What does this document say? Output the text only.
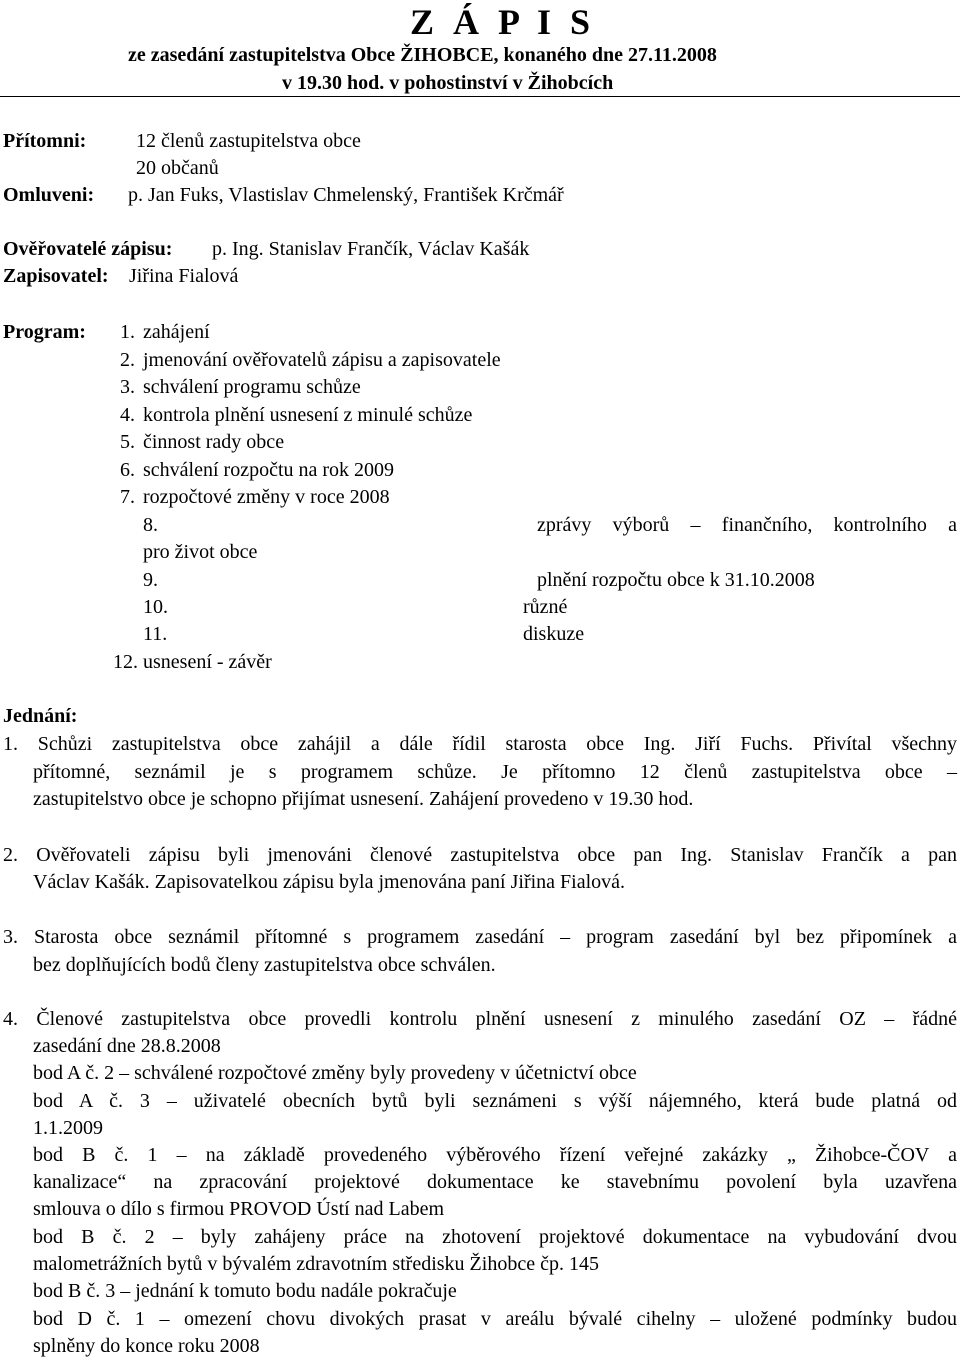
Z Á P I S
ze zasedání zastupitelstva Obce ŽIHOBCE, konaného dne 27.11.2008
v 19.30 hod. v pohostinství v Žihobcích
Přítomni: 12 členů zastupitelstva obce
20 občanů
Omluveni: p. Jan Fuks, Vlastislav Chmelenský, František Krčmář
Ověřovatelé zápisu: p. Ing. Stanislav Frančík, Václav Kašák
Zapisovatel: Jiřina Fialová
Program: 1. zahájení
2. jmenování ověřovatelů zápisu a zapisovatele
3. schválení programu schůze
4. kontrola plnění usnesení z minulé schůze
5. činnost rady obce
6. schválení rozpočtu na rok 2009
7. rozpočtové změny v roce 2008
8.	zprávy výborů – finančního, kontrolního a
pro život obce
9.	plnění rozpočtu obce k 31.10.2008
10.	různé
11.	diskuze
12. usnesení - závěr
Jednání:
1. Schůzi zastupitelstva obce zahájil a dále řídil starosta obce Ing. Jiří Fuchs. Přivítal všechny
přítomné, seznámil je s programem schůze. Je přítomno 12 členů zastupitelstva obce –
zastupitelstvo obce je schopno přijímat usnesení. Zahájení provedeno v 19.30 hod.
2. Ověřovateli zápisu byli jmenováni členové zastupitelstva obce pan Ing. Stanislav Frančík a pan
Václav Kašák. Zapisovatelkou zápisu byla jmenována paní Jiřina Fialová.
3. Starosta obce seznámil přítomné s programem zasedání – program zasedání byl bez připomínek a
bez doplňujících bodů členy zastupitelstva obce schválen.
4. Členové zastupitelstva obce provedli kontrolu plnění usnesení z minulého zasedání OZ – řádné
zasedání dne 28.8.2008
bod A č. 2 – schválené rozpočtové změny byly provedeny v účetnictví obce
bod A č. 3 – uživatelé obecních bytů byli seznámeni s výší nájemného, která bude platná od
1.1.2009
bod B č. 1 – na základě provedeného výběrového řízení veřejné zakázky „ Žihobce-ČOV a
kanalizace“ na zpracování projektové dokumentace ke stavebnímu povolení byla uzavřena
smlouva o dílo s firmou PROVOD Ústí nad Labem
bod B č. 2 – byly zahájeny práce na zhotovení projektové dokumentace na vybudování dvou
malometrážních bytů v bývalém zdravotním středisku Žihobce čp. 145
bod B č. 3 – jednání k tomuto bodu nadále pokračuje
bod D č. 1 – omezení chovu divokých prasat v areálu bývalé cihelny – uložené podmínky budou
splněny do konce roku 2008
